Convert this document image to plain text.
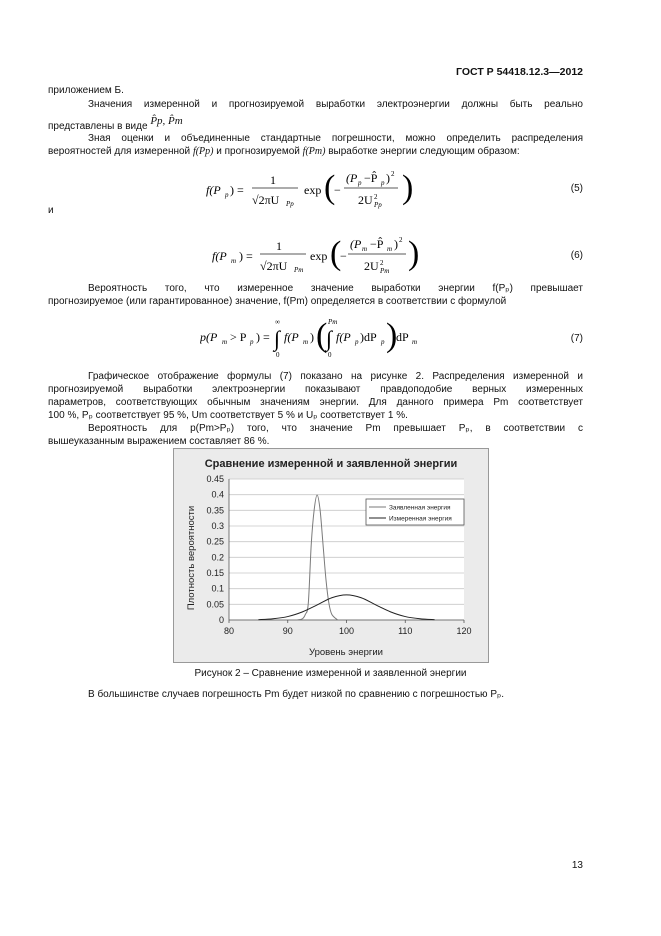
ГОСТ Р 54418.12.3—2012
приложением Б.
Значения измеренной и прогнозируемой выработки электроэнергии должны быть реально
представлены в виде P̂p, P̂m
Зная оценки и объединенные стандартные погрешности, можно определить распределения
вероятностей для измеренной f(Pp) и прогнозируемой f(Pm) выработке энергии следующим образом:
f(P p ) =
1
√2πU Pp
exp (
−
(P p −P̂ p ) 2
2U 2
Pp )	(5)
и
f(P m ) =
1
√2πU Pm
exp (
−
(P m −P̂ m ) 2
2U 2
Pm )	(6)
Вероятность того, что измеренное значение выработки энергии f(Pₚ) превышает
прогнозируемое (или гарантированное) значение, f(Pm) определяется в соответствии с формулой
p(P m > P p ) =
∞
∫
0
f(P m ) ( Pm
∫
0
f(P p )dP p )
dP m	(7)
Графическое отображение формулы (7) показано на рисунке 2. Распределения измеренной и
прогнозируемой выработки электроэнергии показывают правдоподобие верных измеренных
параметров, соответствующих обычным значениям энергии. Для данного примера Pm соответствует
100 %, Pₚ соответствует 95 %, Um соответствует 5 % и Uₚ соответствует 1 %.
Вероятность для p(Pm>Pₚ) того, что значение Pm превышает Pₚ, в соответствии с
вышеуказанным выражением составляет 86 %.
Сравнение измеренной и заявленной энергии
Плотность вероятности
Уровень энергии
0
0.05
0.1
0.15
0.2
0.25
0.3
0.35
0.4
0.45
80	90	100	110	120
Заявленная энергия
Измеренная энергия
Рисунок 2 – Сравнение измеренной и заявленной энергии
В большинстве случаев погрешность Pm будет низкой по сравнению с погрешностью Pₚ.
13
